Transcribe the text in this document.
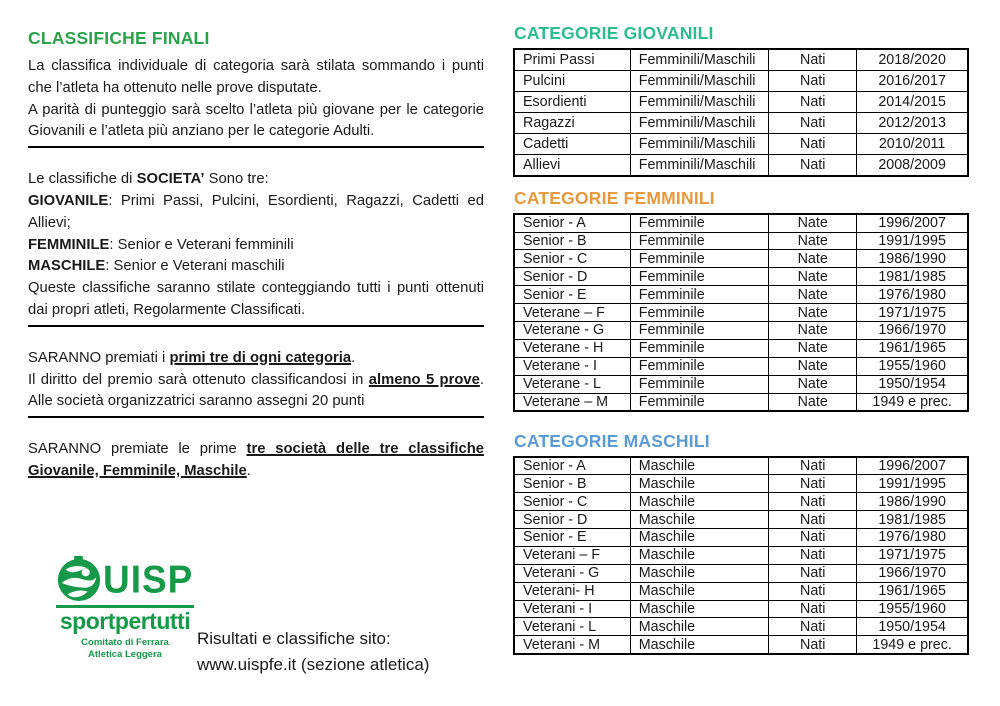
CLASSIFICHE FINALI

La classifica individuale di categoria sarà stilata sommando i punti che l’atleta ha ottenuto nelle prove disputate.

A parità di punteggio sarà scelto l’atleta più giovane per le categorie Giovanili e l’atleta più anziano per le categorie Adulti.

Le classifiche di SOCIETA’ Sono tre:

GIOVANILE: Primi Passi, Pulcini, Esordienti, Ragazzi, Cadetti ed Allievi;

FEMMINILE: Senior e Veterani femminili

MASCHILE: Senior e Veterani maschili

Queste classifiche saranno stilate conteggiando tutti i punti ottenuti dai propri atleti, Regolarmente Classificati.

SARANNO premiati i primi tre di ogni categoria.

Il diritto del premio sarà ottenuto classificandosi in almeno 5 prove. Alle società organizzatrici saranno assegni 20 punti

SARANNO premiate le prime tre società delle tre classifiche Giovanile, Femminile, Maschile.

CATEGORIE GIOVANILI
Primi Passi	Femminili/Maschili	Nati	2018/2020
Pulcini	Femminili/Maschili	Nati	2016/2017
Esordienti	Femminili/Maschili	Nati	2014/2015
Ragazzi	Femminili/Maschili	Nati	2012/2013
Cadetti	Femminili/Maschili	Nati	2010/2011
Allievi	Femminili/Maschili	Nati	2008/2009
CATEGORIE FEMMINILI
Senior - A	Femminile	Nate	1996/2007
Senior - B	Femminile	Nate	1991/1995
Senior - C	Femminile	Nate	1986/1990
Senior - D	Femminile	Nate	1981/1985
Senior - E	Femminile	Nate	1976/1980
Veterane – F	Femminile	Nate	1971/1975
Veterane - G	Femminile	Nate	1966/1970
Veterane - H	Femminile	Nate	1961/1965
Veterane - I	Femminile	Nate	1955/1960
Veterane - L	Femminile	Nate	1950/1954
Veterane – M	Femminile	Nate	1949 e prec.
CATEGORIE MASCHILI
Senior - A	Maschile	Nati	1996/2007
Senior - B	Maschile	Nati	1991/1995
Senior - C	Maschile	Nati	1986/1990
Senior - D	Maschile	Nati	1981/1985
Senior - E	Maschile	Nati	1976/1980
Veterani – F	Maschile	Nati	1971/1975
Veterani - G	Maschile	Nati	1966/1970
Veterani- H	Maschile	Nati	1961/1965
Veterani - I	Maschile	Nati	1955/1960
Veterani - L	Maschile	Nati	1950/1954
Veterani - M	Maschile	Nati	1949 e prec.
UISP
sportpertutti
Comitato di Ferrara
Atletica Leggera
Risultati e classifiche sito:
www.uispfe.it (sezione atletica)
